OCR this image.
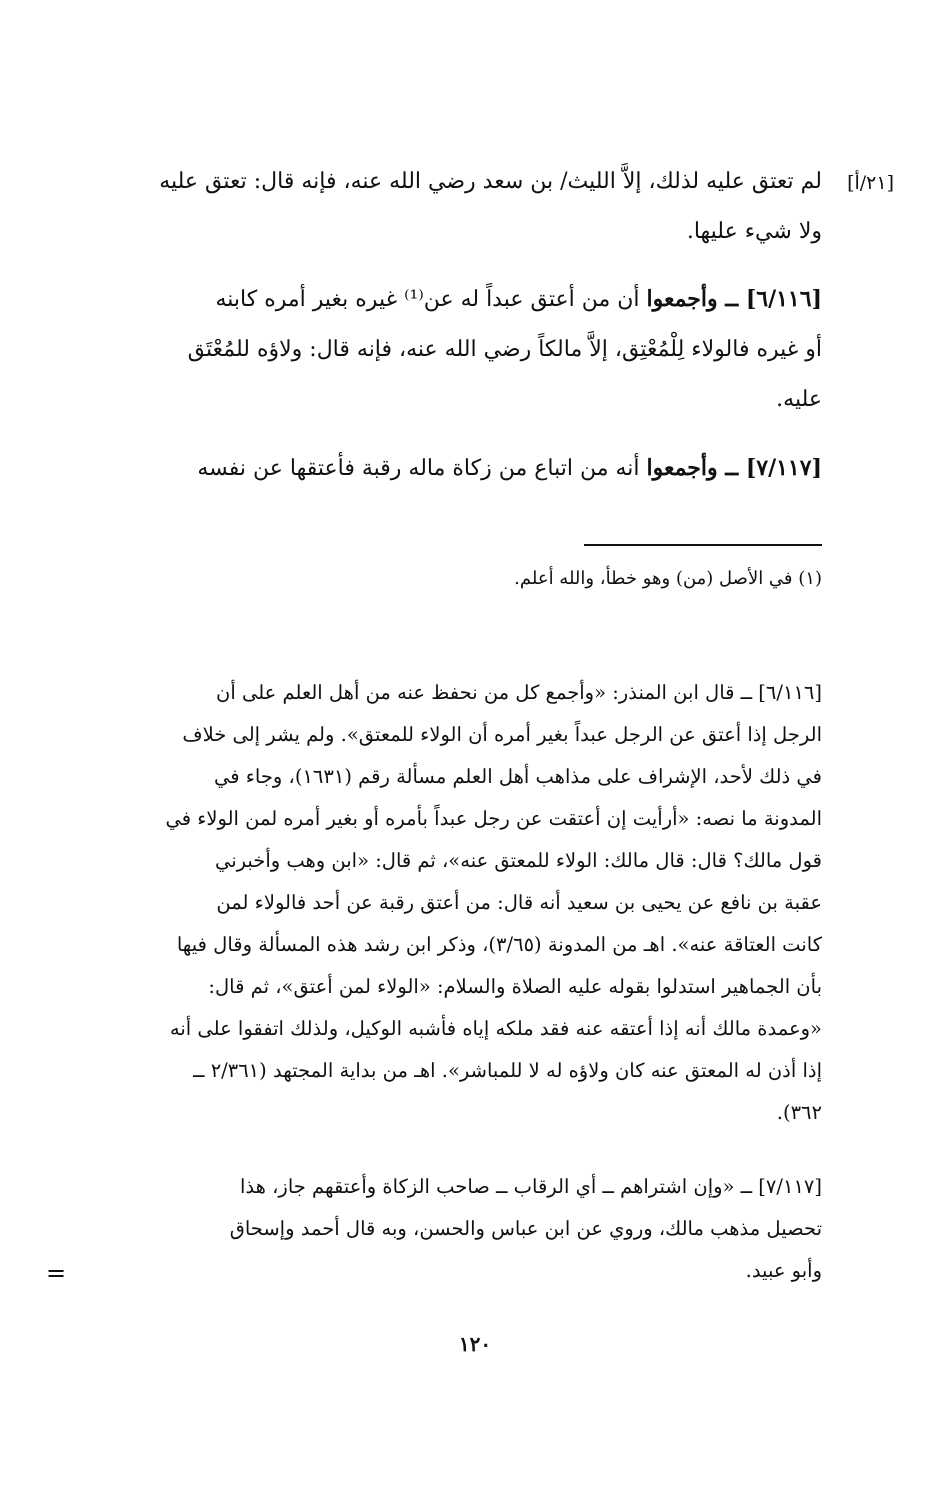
[٢١/أ]
لم تعتق عليه لذلك، إلاَّ الليث/ بن سعد رضي الله عنه، فإنه قال: تعتق عليه
ولا شيء عليها.
[٦/١١٦] ــ وأجمعوا أن من أعتق عبداً له عن⁽¹⁾ غيره بغير أمره كابنه
أو غيره فالولاء لِلْمُعْتِق، إلاَّ مالكاً رضي الله عنه، فإنه قال: ولاؤه للمُعْتَق
عليه.
[٧/١١٧] ــ وأجمعوا أنه من اتباع من زكاة ماله رقبة فأعتقها عن نفسه
(١) في الأصل (من) وهو خطأ، والله أعلم.
[٦/١١٦] ــ قال ابن المنذر: «وأجمع كل من نحفظ عنه من أهل العلم على أن
الرجل إذا أعتق عن الرجل عبداً بغير أمره أن الولاء للمعتق». ولم يشر إلى خلاف
في ذلك لأحد، الإشراف على مذاهب أهل العلم مسألة رقم (١٦٣١)، وجاء في
المدونة ما نصه: «أرأيت إن أعتقت عن رجل عبداً بأمره أو بغير أمره لمن الولاء في
قول مالك؟ قال: قال مالك: الولاء للمعتق عنه»، ثم قال: «ابن وهب وأخبرني
عقبة بن نافع عن يحيى بن سعيد أنه قال: من أعتق رقبة عن أحد فالولاء لمن
كانت العتاقة عنه». اهـ من المدونة (٣/٦٥)، وذكر ابن رشد هذه المسألة وقال فيها
بأن الجماهير استدلوا بقوله عليه الصلاة والسلام: «الولاء لمن أعتق»، ثم قال:
«وعمدة مالك أنه إذا أعتقه عنه فقد ملكه إياه فأشبه الوكيل، ولذلك اتفقوا على أنه
إذا أذن له المعتق عنه كان ولاؤه له لا للمباشر». اهـ من بداية المجتهد (٢/٣٦١ ــ
٣٦٢).
[٧/١١٧] ــ «وإن اشتراهم ــ أي الرقاب ــ صاحب الزكاة وأعتقهم جاز، هذا
تحصيل مذهب مالك، وروي عن ابن عباس والحسن، وبه قال أحمد وإسحاق
وأبو عبيد.
=
١٢٠
